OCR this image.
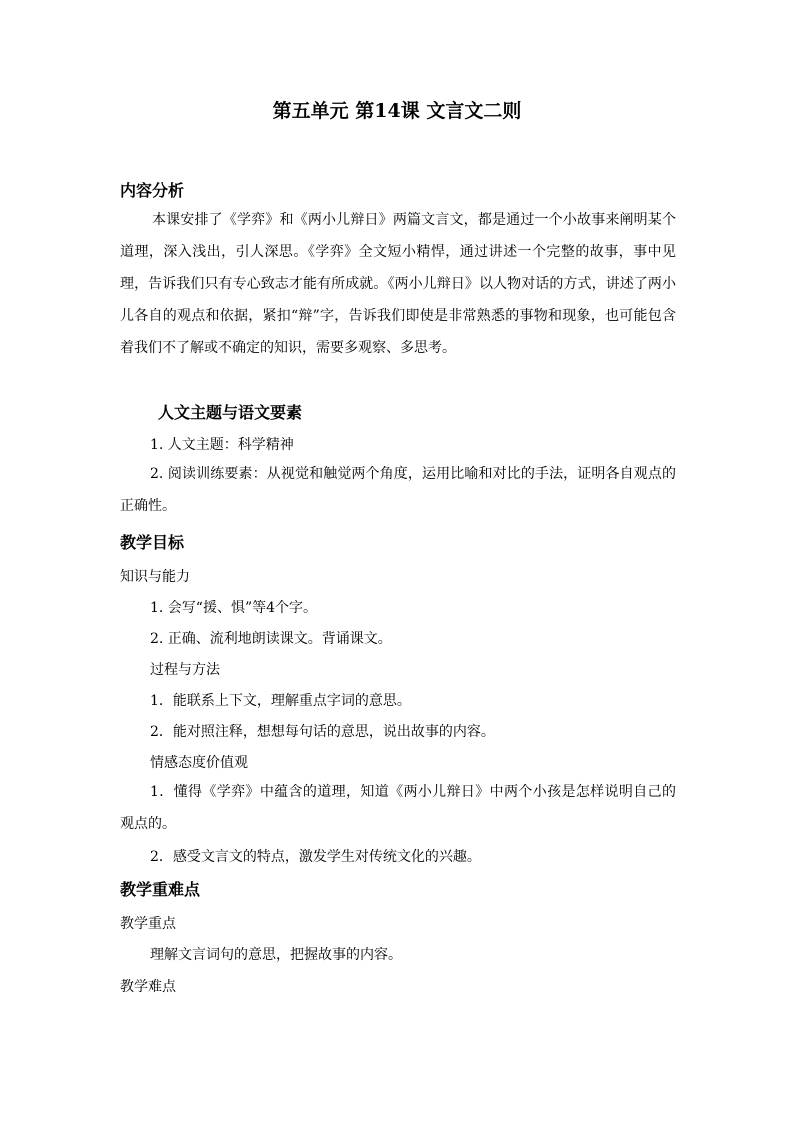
第五单元 第14课 文言文二则
内容分析
本课安排了《学弈》和《两小儿辩日》两篇文言文，都是通过一个小故事来阐明某个道理，深入浅出，引人深思。《学弈》全文短小精悍，通过讲述一个完整的故事，事中见理，告诉我们只有专心致志才能有所成就。《两小儿辩日》以人物对话的方式，讲述了两小儿各自的观点和依据，紧扣“辩”字，告诉我们即使是非常熟悉的事物和现象，也可能包含着我们不了解或不确定的知识，需要多观察、多思考。
人文主题与语文要素
1. 人文主题：科学精神
2. 阅读训练要素：从视觉和触觉两个角度，运用比喻和对比的手法，证明各自观点的正确性。
教学目标
知识与能力
1. 会写“援、惧”等4个字。
2. 正确、流利地朗读课文。背诵课文。
过程与方法
1．能联系上下文，理解重点字词的意思。
2．能对照注释，想想每句话的意思，说出故事的内容。
情感态度价值观
1．懂得《学弈》中蕴含的道理，知道《两小儿辩日》中两个小孩是怎样说明自己的观点的。
2．感受文言文的特点，激发学生对传统文化的兴趣。
教学重难点
教学重点
理解文言词句的意思，把握故事的内容。
教学难点
